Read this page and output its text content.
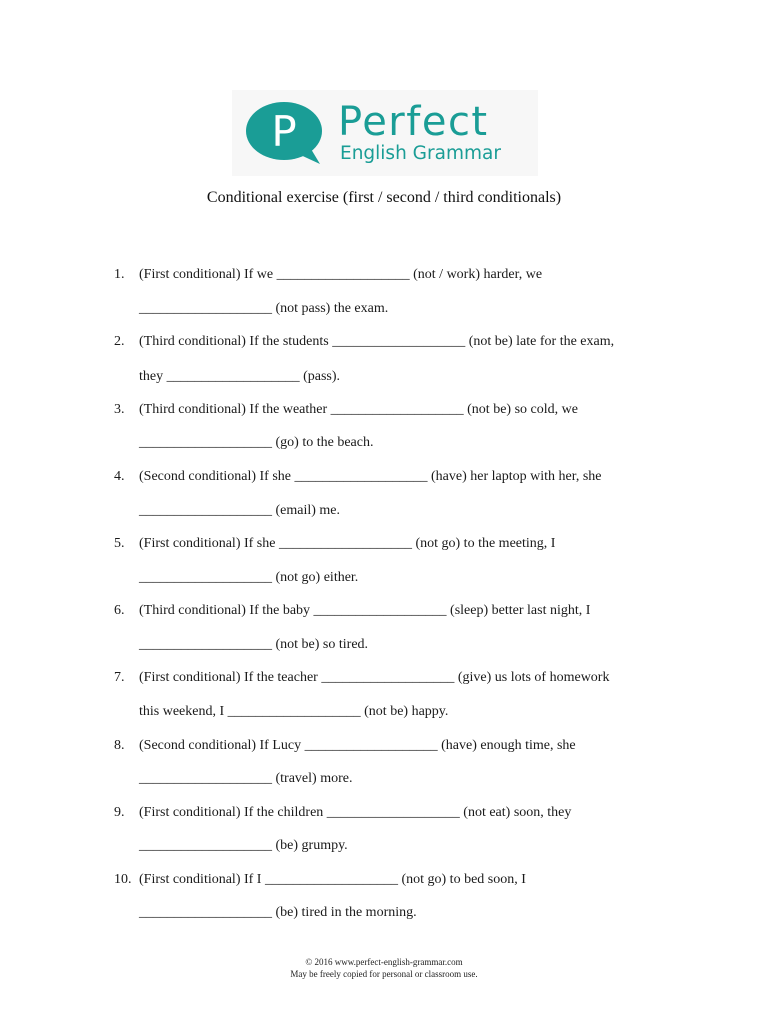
P Perfect
English Grammar
Conditional exercise (first / second / third conditionals)
1. (First conditional) If we ___________________ (not / work) harder, we
___________________ (not pass) the exam.
2. (Third conditional) If the students ___________________ (not be) late for the exam,
they ___________________ (pass).
3. (Third conditional) If the weather ___________________ (not be) so cold, we
___________________ (go) to the beach.
4. (Second conditional) If she ___________________ (have) her laptop with her, she
___________________ (email) me.
5. (First conditional) If she ___________________ (not go) to the meeting, I
___________________ (not go) either.
6. (Third conditional) If the baby ___________________ (sleep) better last night, I
___________________ (not be) so tired.
7. (First conditional) If the teacher ___________________ (give) us lots of homework
this weekend, I ___________________ (not be) happy.
8. (Second conditional) If Lucy ___________________ (have) enough time, she
___________________ (travel) more.
9. (First conditional) If the children ___________________ (not eat) soon, they
___________________ (be) grumpy.
10. (First conditional) If I ___________________ (not go) to bed soon, I
___________________ (be) tired in the morning.
© 2016 www.perfect-english-grammar.com
May be freely copied for personal or classroom use.
